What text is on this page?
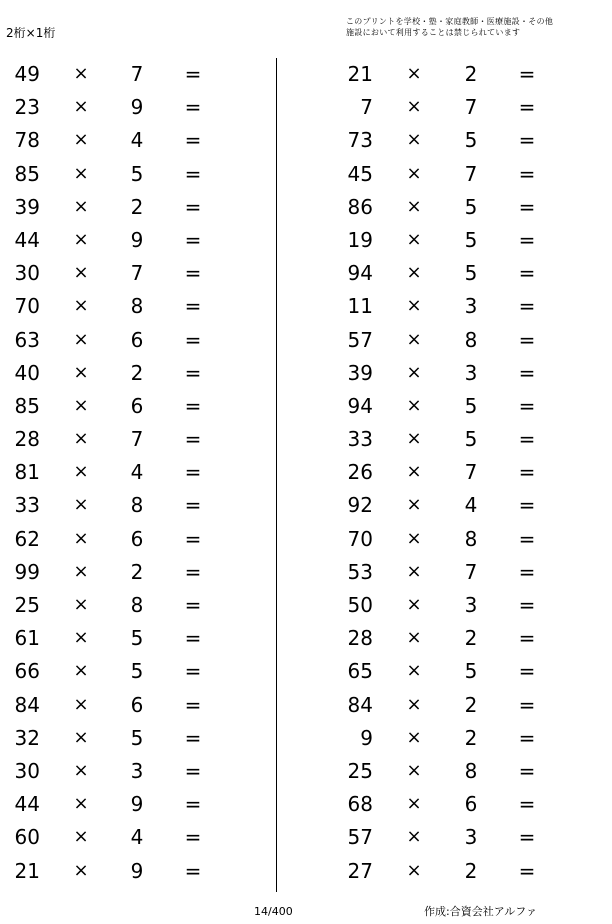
2桁×1桁
このプリントを学校・塾・家庭教師・医療施設・その他
施設において利用することは禁じられています
49 × 7 =
23 × 9 =
78 × 4 =
85 × 5 =
39 × 2 =
44 × 9 =
30 × 7 =
70 × 8 =
63 × 6 =
40 × 2 =
85 × 6 =
28 × 7 =
81 × 4 =
33 × 8 =
62 × 6 =
99 × 2 =
25 × 8 =
61 × 5 =
66 × 5 =
84 × 6 =
32 × 5 =
30 × 3 =
44 × 9 =
60 × 4 =
21 × 9 =
21 × 2 =
7 × 7 =
73 × 5 =
45 × 7 =
86 × 5 =
19 × 5 =
94 × 5 =
11 × 3 =
57 × 8 =
39 × 3 =
94 × 5 =
33 × 5 =
26 × 7 =
92 × 4 =
70 × 8 =
53 × 7 =
50 × 3 =
28 × 2 =
65 × 5 =
84 × 2 =
9 × 2 =
25 × 8 =
68 × 6 =
57 × 3 =
27 × 2 =
14/400	作成:合資会社アルファ
